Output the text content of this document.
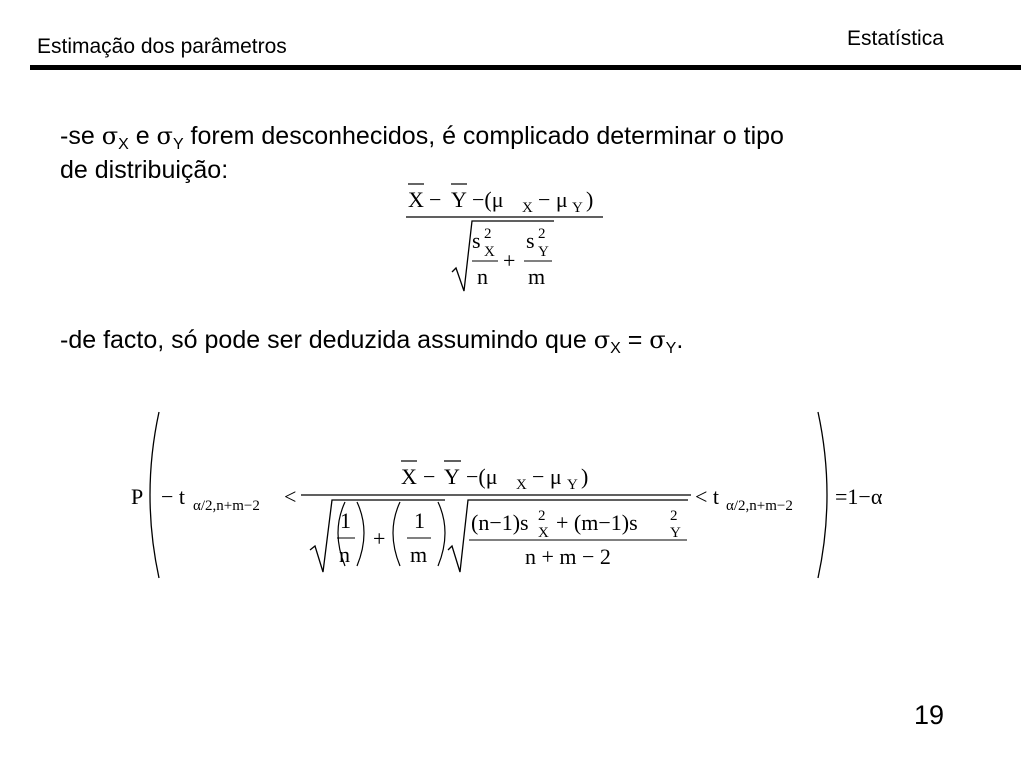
Estimação dos parâmetros	Estatística
-se $\sigma_X$ e $\sigma_Y$ forem desconhecidos, é complicado determinar o tipo
de distribuição:
X − Y −(μ X − μ Y )
s 2
X
n
+
s 2
Y
m
-de facto, só pode ser deduzida assumindo que $\sigma_X = \sigma_Y$.
P − t α/2,n+m−2 <
X − Y −(μ X − μ Y )
1
n
+
1
m
(n−1)s 2
X + (m−1)s 2
Y
n + m − 2
< t α/2,n+m−2 =1−α
19
